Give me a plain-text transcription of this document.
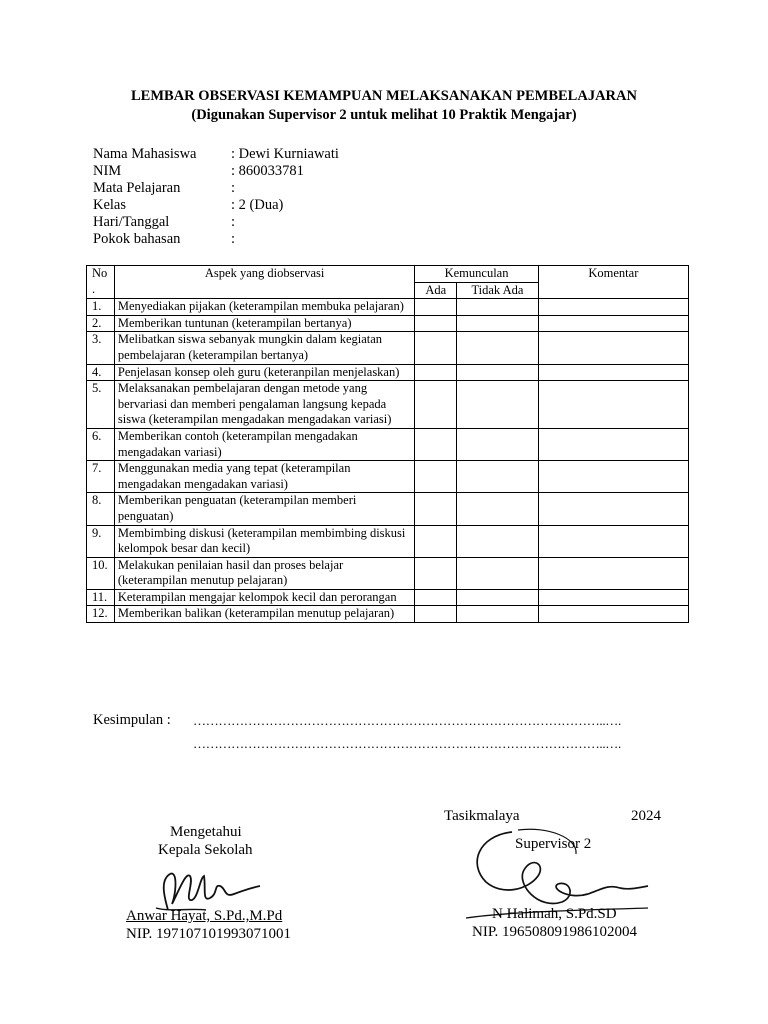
LEMBAR OBSERVASI KEMAMPUAN MELAKSANAKAN PEMBELAJARAN
(Digunakan Supervisor 2 untuk melihat 10 Praktik Mengajar)
Nama Mahasiswa	: Dewi Kurniawati
NIM	: 860033781
Mata Pelajaran	:
Kelas	: 2 (Dua)
Hari/Tanggal	:
Pokok bahasan	:
No
.	Aspek yang diobservasi	Kemunculan		Komentar
		Ada	Tidak Ada	
1.	Menyediakan pijakan (keterampilan membuka pelajaran)			
2.	Memberikan tuntunan (keterampilan bertanya)			
3.	Melibatkan siswa sebanyak mungkin dalam kegiatan pembelajaran (keterampilan bertanya)			
4.	Penjelasan konsep oleh guru (keteranpilan menjelaskan)			
5.	Melaksanakan pembelajaran dengan metode yang bervariasi dan memberi pengalaman langsung kepada siswa (keterampilan mengadakan mengadakan variasi)			
6.	Memberikan contoh (keterampilan mengadakan mengadakan variasi)			
7.	Menggunakan media yang tepat (keterampilan mengadakan mengadakan variasi)			
8.	Memberikan penguatan (keterampilan memberi penguatan)			
9.	Membimbing diskusi (keterampilan membimbing diskusi kelompok besar dan kecil)			
10.	Melakukan penilaian hasil dan proses belajar (keterampilan menutup pelajaran)			
11.	Keterampilan mengajar kelompok kecil dan perorangan			
12.	Memberikan balikan (keterampilan menutup pelajaran)			
Kesimpulan : ……………………………………………………………………………………..….
……………………………………………………………………………………..….
Mengetahui
Kepala Sekolah
Anwar Hayat, S.Pd.,M.Pd
NIP. 197107101993071001
Tasikmalaya	2024
Supervisor 2
N Halimah, S.Pd.SD
NIP. 196508091986102004
